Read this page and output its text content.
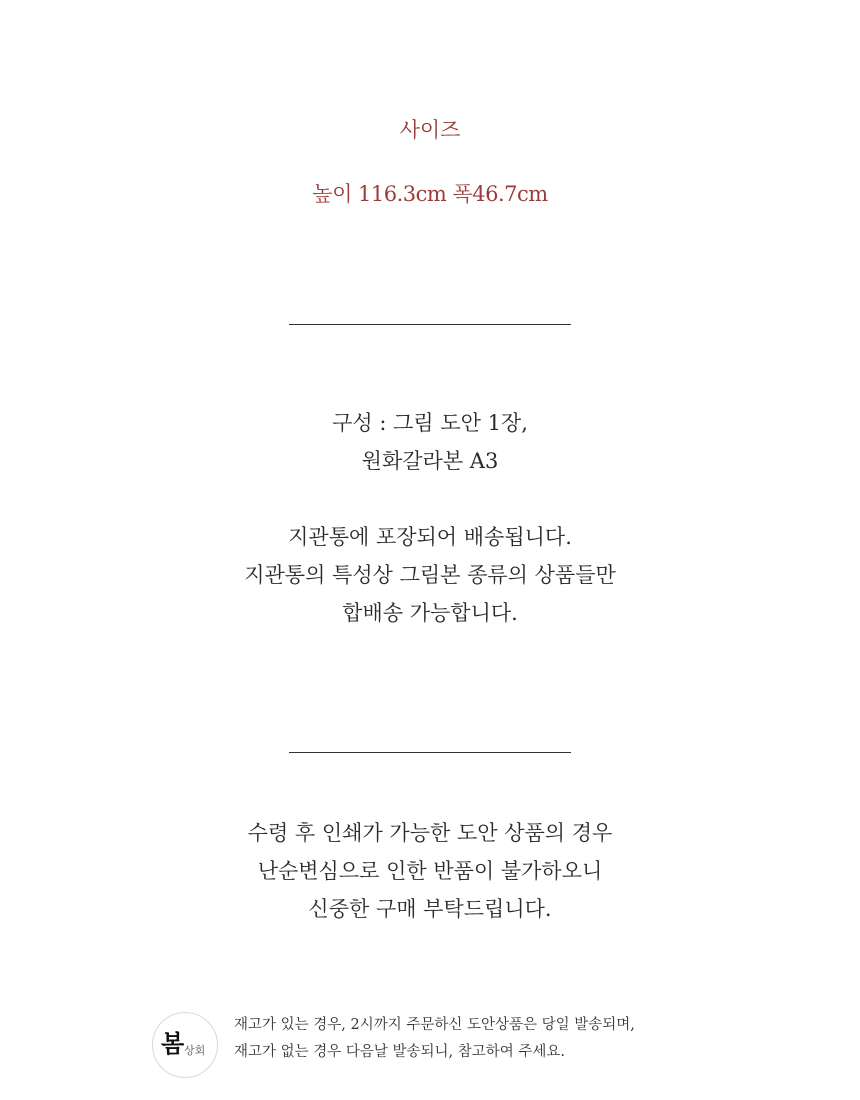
사이즈
높이 116.3cm 폭46.7cm
구성 : 그림 도안 1장,
원화갈라본 A3
지관통에 포장되어 배송됩니다.
지관통의 특성상 그림본 종류의 상품들만
합배송 가능합니다.
수령 후 인쇄가 가능한 도안 상품의 경우
난순변심으로 인한 반품이 불가하오니
신중한 구매 부탁드립니다.
봄 상회
재고가 있는 경우, 2시까지 주문하신 도안상품은 당일 발송되며,
재고가 없는 경우 다음날 발송되니, 참고하여 주세요.
